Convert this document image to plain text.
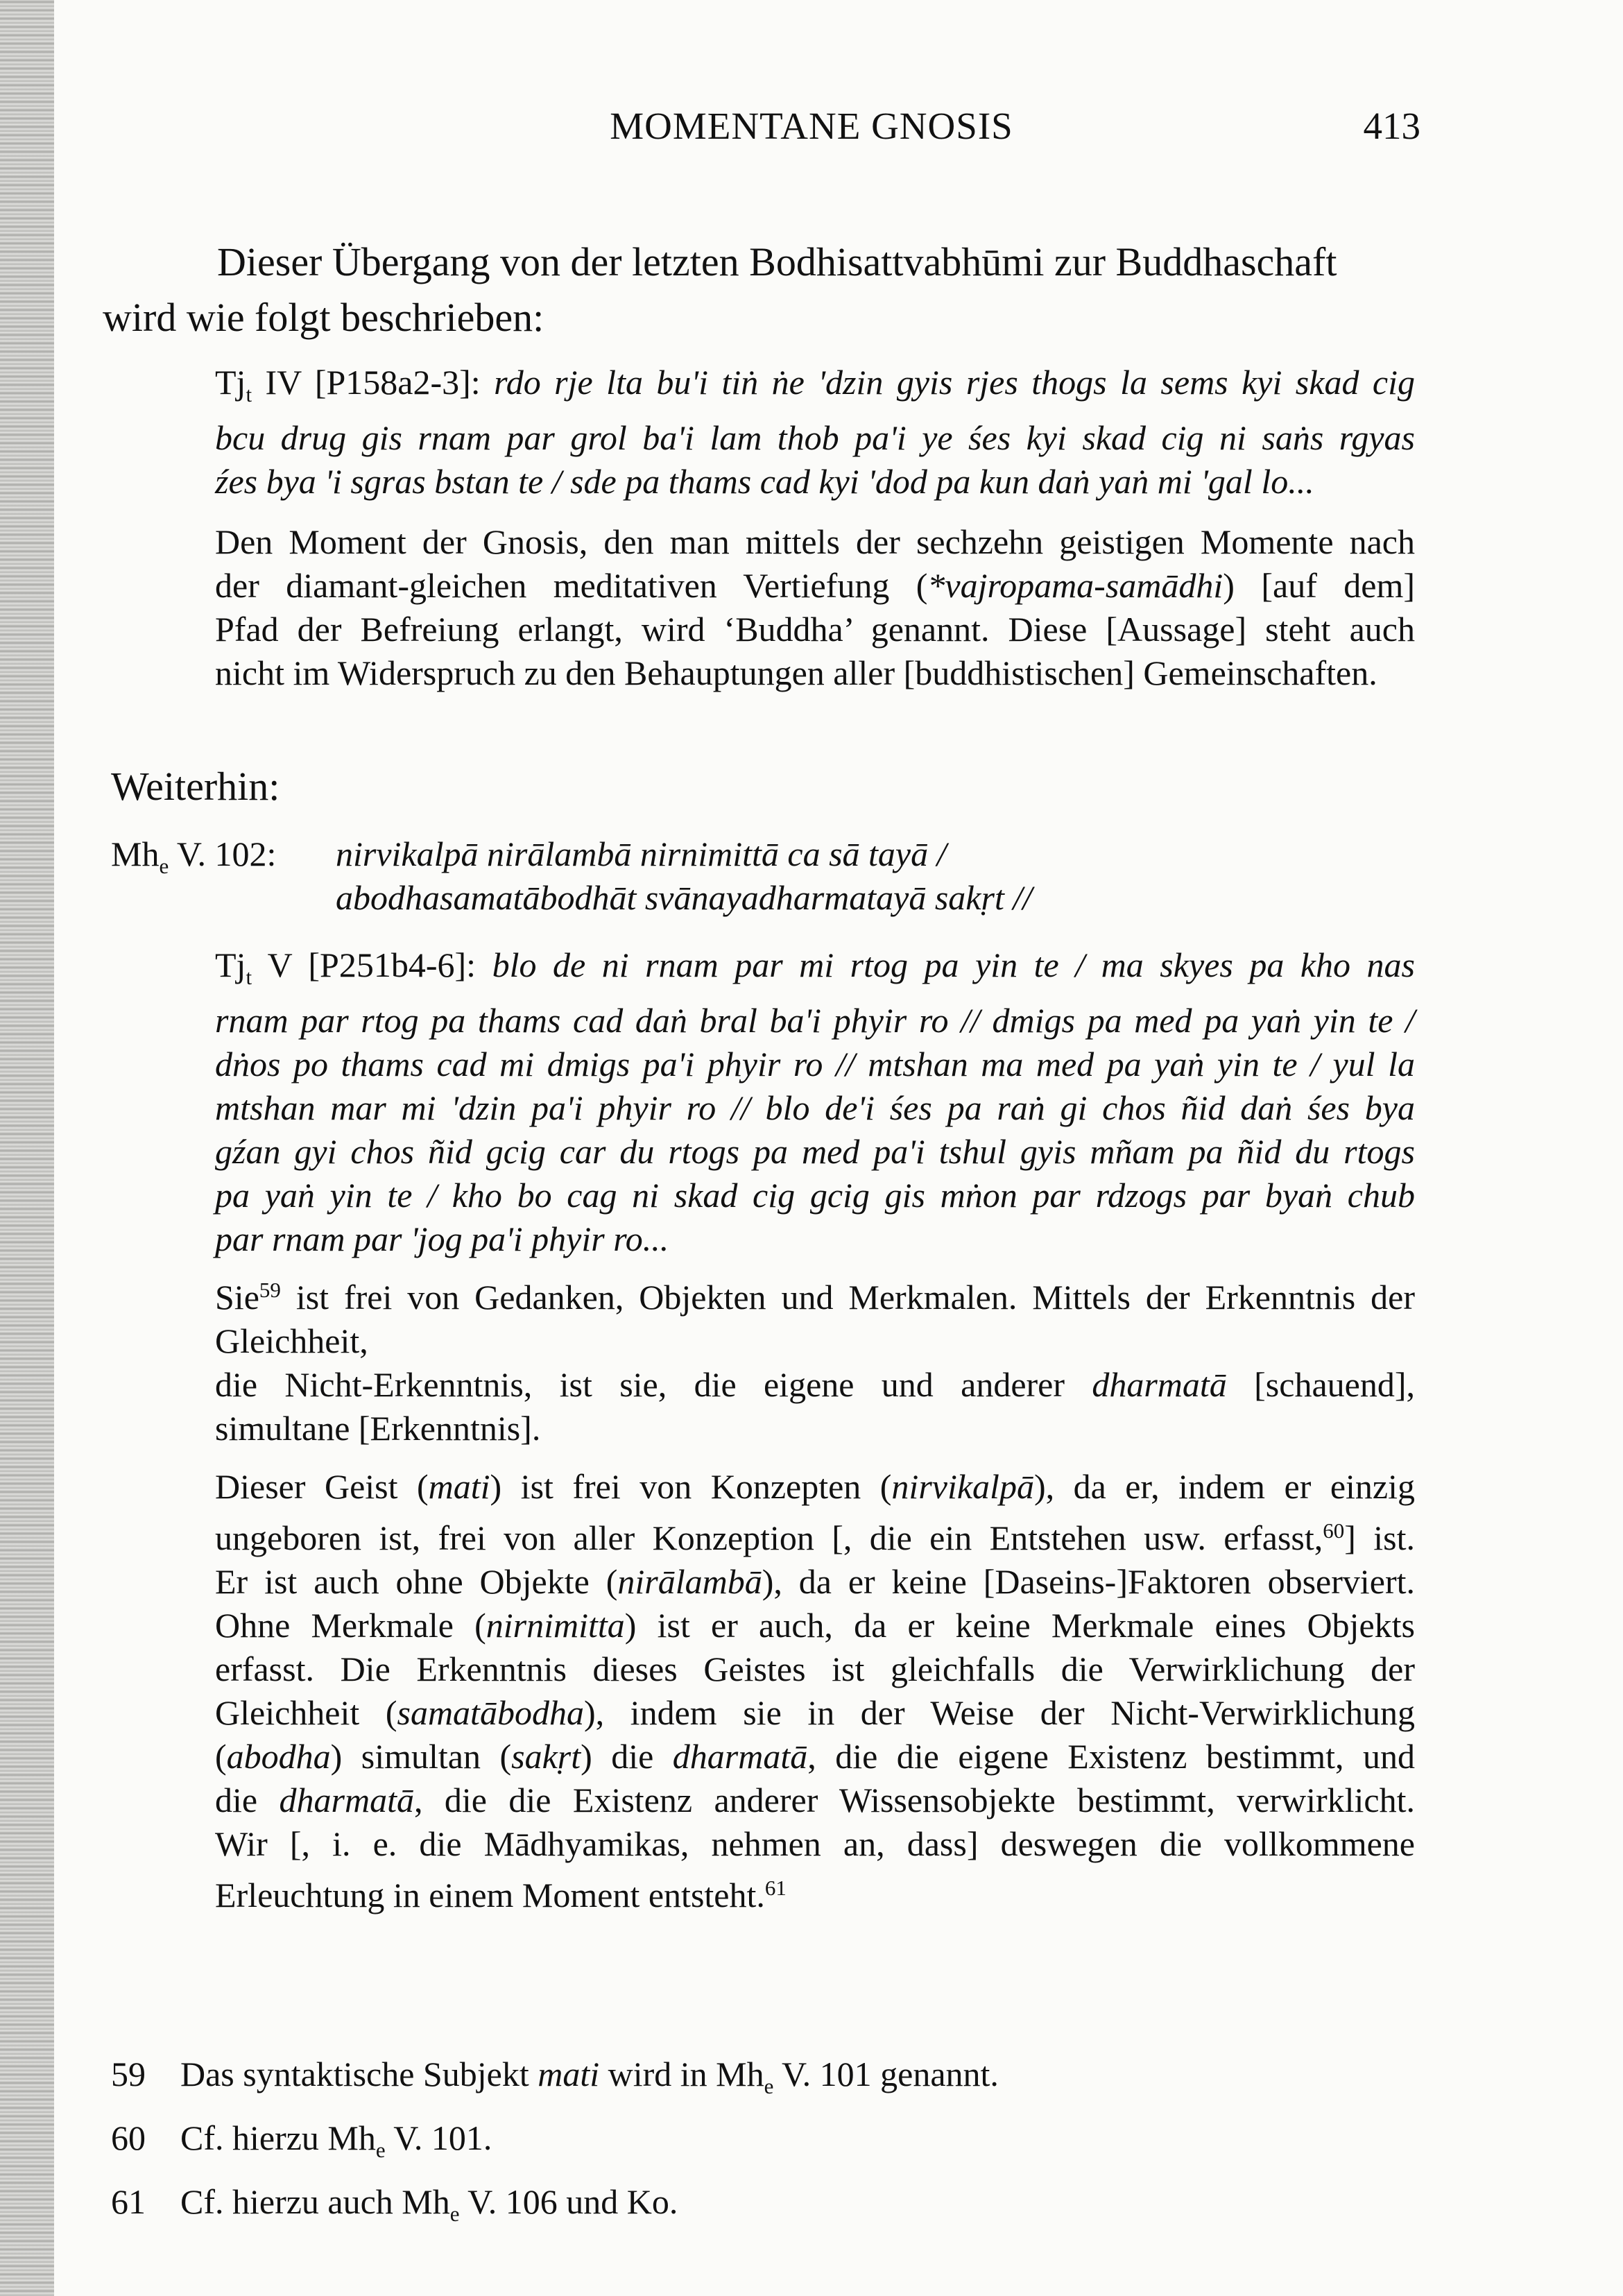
MOMENTANE GNOSIS	413
Dieser Übergang von der letzten Bodhisattvabhūmi zur Buddhaschaft
wird wie folgt beschrieben:
$Tj_t$ IV [P158a2-3]: rdo rje lta bu'i tiṅ ṅe 'dzin gyis rjes thogs la sems kyi skad cig
bcu drug gis rnam par grol ba'i lam thob pa'i ye śes kyi skad cig ni saṅs rgyas
źes bya 'i sgras bstan te / sde pa thams cad kyi 'dod pa kun daṅ yaṅ mi 'gal lo...
Den Moment der Gnosis, den man mittels der sechzehn geistigen Momente nach
der diamant-gleichen meditativen Vertiefung (*vajropama-samādhi) [auf dem]
Pfad der Befreiung erlangt, wird ‘Buddha’ genannt. Diese [Aussage] steht auch
nicht im Widerspruch zu den Behauptungen aller [buddhistischen] Gemeinschaften.
Weiterhin:
$Mh_e$ V. 102: nirvikalpā nirālambā nirnimittā ca sā tayā /
abodhasamatābodhāt svānayadharmatayā sakṛt //
$Tj_t$ V [P251b4-6]: blo de ni rnam par mi rtog pa yin te / ma skyes pa kho nas
rnam par rtog pa thams cad daṅ bral ba'i phyir ro // dmigs pa med pa yaṅ yin te /
dṅos po thams cad mi dmigs pa'i phyir ro // mtshan ma med pa yaṅ yin te / yul la
mtshan mar mi 'dzin pa'i phyir ro // blo de'i śes pa raṅ gi chos ñid daṅ śes bya
gźan gyi chos ñid gcig car du rtogs pa med pa'i tshul gyis mñam pa ñid du rtogs
pa yaṅ yin te / kho bo cag ni skad cig gcig gis mṅon par rdzogs par byaṅ chub
par rnam par 'jog pa'i phyir ro...
Sie$^{59}$ ist frei von Gedanken, Objekten und Merkmalen. Mittels der Erkenntnis der
Gleichheit,
die Nicht-Erkenntnis, ist sie, die eigene und anderer dharmatā [schauend],
simultane [Erkenntnis].
Dieser Geist (mati) ist frei von Konzepten (nirvikalpā), da er, indem er einzig
ungeboren ist, frei von aller Konzeption [, die ein Entstehen usw. erfasst,$^{60}$] ist.
Er ist auch ohne Objekte (nirālambā), da er keine [Daseins-]Faktoren observiert.
Ohne Merkmale (nirnimitta) ist er auch, da er keine Merkmale eines Objekts
erfasst. Die Erkenntnis dieses Geistes ist gleichfalls die Verwirklichung der
Gleichheit (samatābodha), indem sie in der Weise der Nicht-Verwirklichung
(abodha) simultan (sakṛt) die dharmatā, die die eigene Existenz bestimmt, und
die dharmatā, die die Existenz anderer Wissensobjekte bestimmt, verwirklicht.
Wir [, i. e. die Mādhyamikas, nehmen an, dass] deswegen die vollkommene
Erleuchtung in einem Moment entsteht.$^{61}$
59 Das syntaktische Subjekt mati wird in $Mh_e$ V. 101 genannt.
60 Cf. hierzu $Mh_e$ V. 101.
61 Cf. hierzu auch $Mh_e$ V. 106 und Ko.
